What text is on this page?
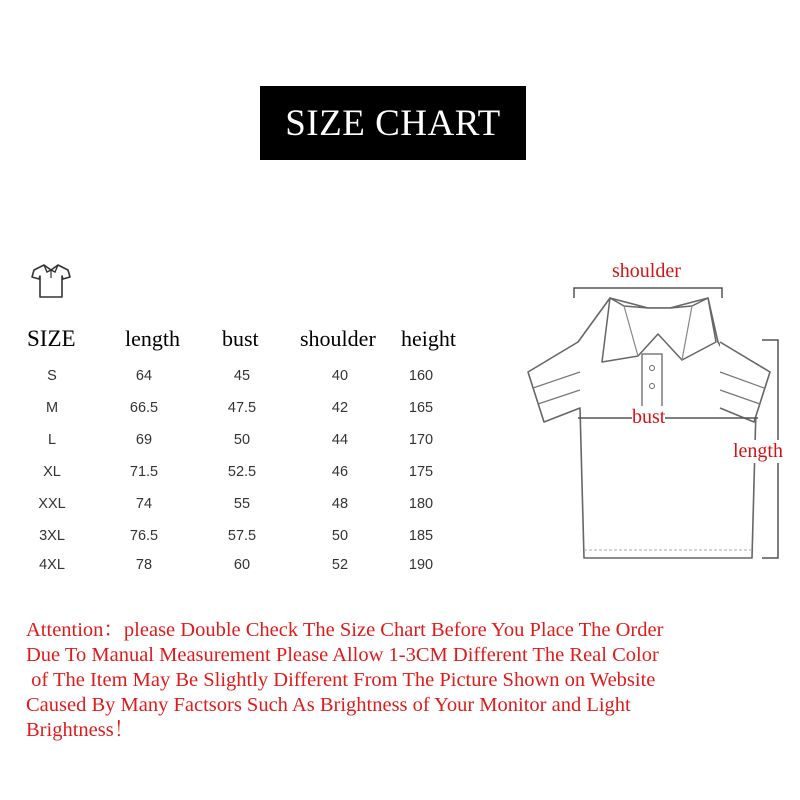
SIZE CHART
SIZE length bust shoulder height
S	64	45	40	160
M	66.5	47.5	42	165
L	69	50	44	170
XL	71.5	52.5	46	175
XXL	74	55	48	180
3XL	76.5	57.5	50	185
4XL	78	60	52	190
shoulder
bust
length
Attention：please Double Check The Size Chart Before You Place The Order
Due To Manual Measurement Please Allow 1-3CM Different The Real Color
of The Item May Be Slightly Different From The Picture Shown on Website
Caused By Many Factsors Such As Brightness of Your Monitor and Light
Brightness！
